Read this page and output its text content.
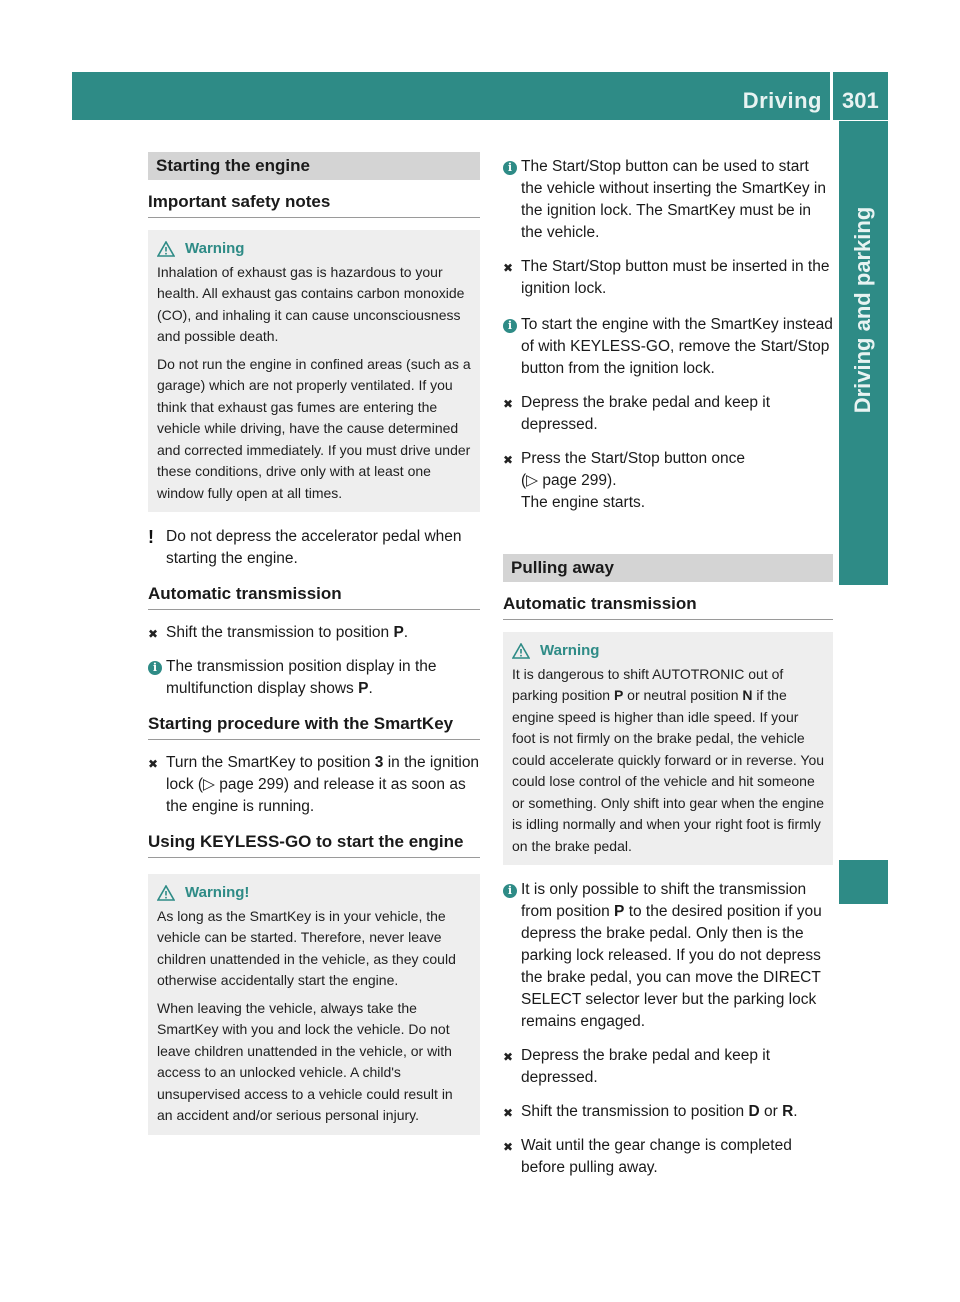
Driving 301
Driving and parking
Starting the engine
Important safety notes
Warning

Inhalation of exhaust gas is hazardous to your health. All exhaust gas contains carbon monoxide (CO), and inhaling it can cause unconsciousness and possible death.

Do not run the engine in confined areas (such as a garage) which are not properly ventilated. If you think that exhaust gas fumes are entering the vehicle while driving, have the cause determined and corrected immediately. If you must drive under these conditions, drive only with at least one window fully open at all times.

! Do not depress the accelerator pedal when starting the engine.
Automatic transmission
✖ Shift the transmission to position P.
i The transmission position display in the multifunction display shows P.
Starting procedure with the SmartKey
✖ Turn the SmartKey to position 3 in the ignition lock (▷ page 299) and release it as soon as the engine is running.
Using KEYLESS-GO to start the engine
Warning!

As long as the SmartKey is in your vehicle, the vehicle can be started. Therefore, never leave children unattended in the vehicle, as they could otherwise accidentally start the engine.

When leaving the vehicle, always take the SmartKey with you and lock the vehicle. Do not leave children unattended in the vehicle, or with access to an unlocked vehicle. A child's unsupervised access to a vehicle could result in an accident and/or serious personal injury.

i The Start/Stop button can be used to start the vehicle without inserting the SmartKey in the ignition lock. The SmartKey must be in the vehicle.
✖ The Start/Stop button must be inserted in the ignition lock.
i To start the engine with the SmartKey instead of with KEYLESS-GO, remove the Start/Stop button from the ignition lock.
✖ Depress the brake pedal and keep it depressed.
✖ Press the Start/Stop button once
(▷ page 299).
The engine starts.
Pulling away
Automatic transmission
Warning

It is dangerous to shift AUTOTRONIC out of parking position P or neutral position N if the engine speed is higher than idle speed. If your foot is not firmly on the brake pedal, the vehicle could accelerate quickly forward or in reverse. You could lose control of the vehicle and hit someone or something. Only shift into gear when the engine is idling normally and when your right foot is firmly on the brake pedal.

i It is only possible to shift the transmission from position P to the desired position if you depress the brake pedal. Only then is the parking lock released. If you do not depress the brake pedal, you can move the DIRECT SELECT selector lever but the parking lock remains engaged.
✖ Depress the brake pedal and keep it depressed.
✖ Shift the transmission to position D or R.
✖ Wait until the gear change is completed before pulling away.
